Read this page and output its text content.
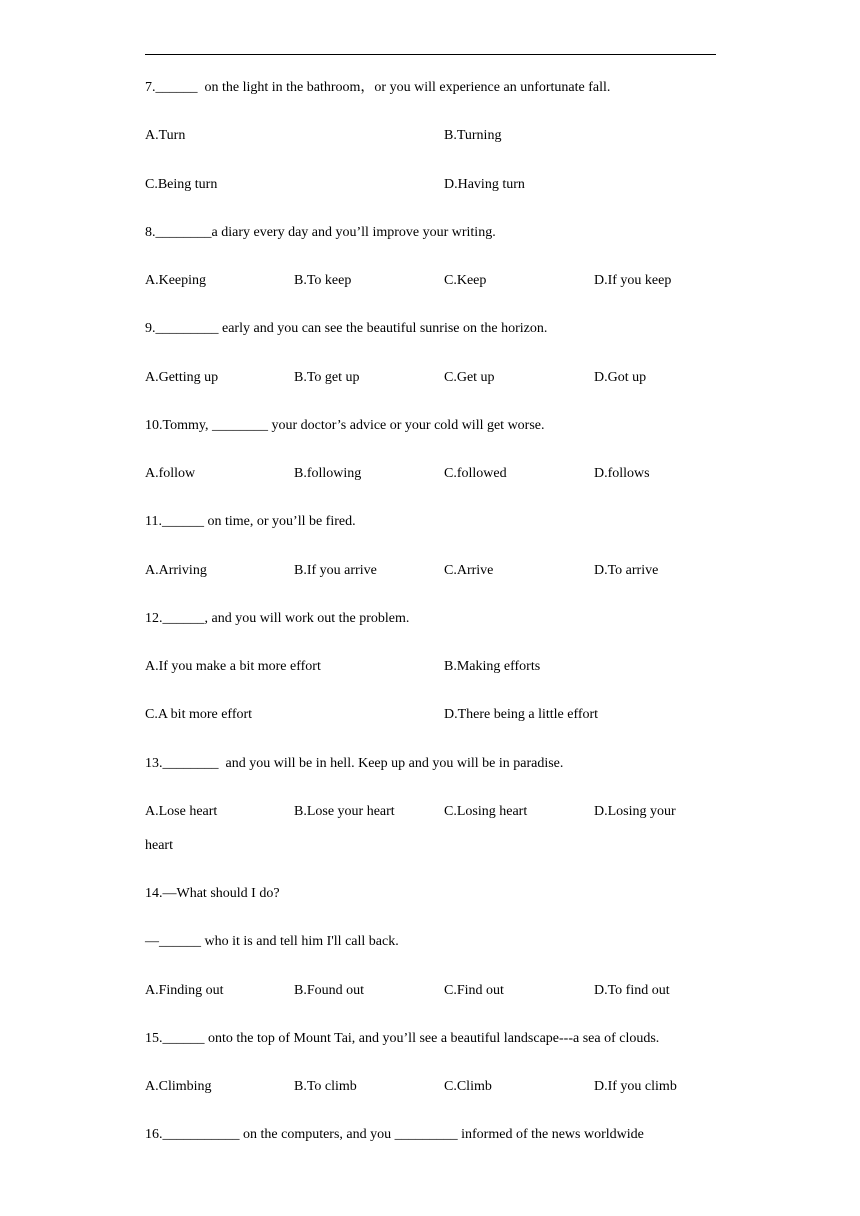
7.______  on the light in the bathroom，or you will experience an unfortunate fall.
A.Turn	B.Turning
C.Being turn	D.Having turn
8.________a diary every day and you’ll improve your writing.
A.Keeping	B.To keep	C.Keep	D.If you keep
9._________ early and you can see the beautiful sunrise on the horizon.
A.Getting up	B.To get up	C.Get up	D.Got up
10.Tommy, ________ your doctor’s advice or your cold will get worse.
A.follow	B.following	C.followed	D.follows
11.______ on time, or you’ll be fired.
A.Arriving	B.If you arrive	C.Arrive	D.To arrive
12.______, and you will work out the problem.
A.If you make a bit more effort	B.Making efforts
C.A bit more effort	D.There being a little effort
13.________  and you will be in hell. Keep up and you will be in paradise.
A.Lose heart	B.Lose your heart	C.Losing heart	D.Losing your
heart
14.—What should I do?
—______ who it is and tell him I'll call back.
A.Finding out	B.Found out	C.Find out	D.To find out
15.______ onto the top of Mount Tai, and you’ll see a beautiful landscape---a sea of clouds.
A.Climbing	B.To climb	C.Climb	D.If you climb
16.___________ on the computers, and you _________ informed of the news worldwide
